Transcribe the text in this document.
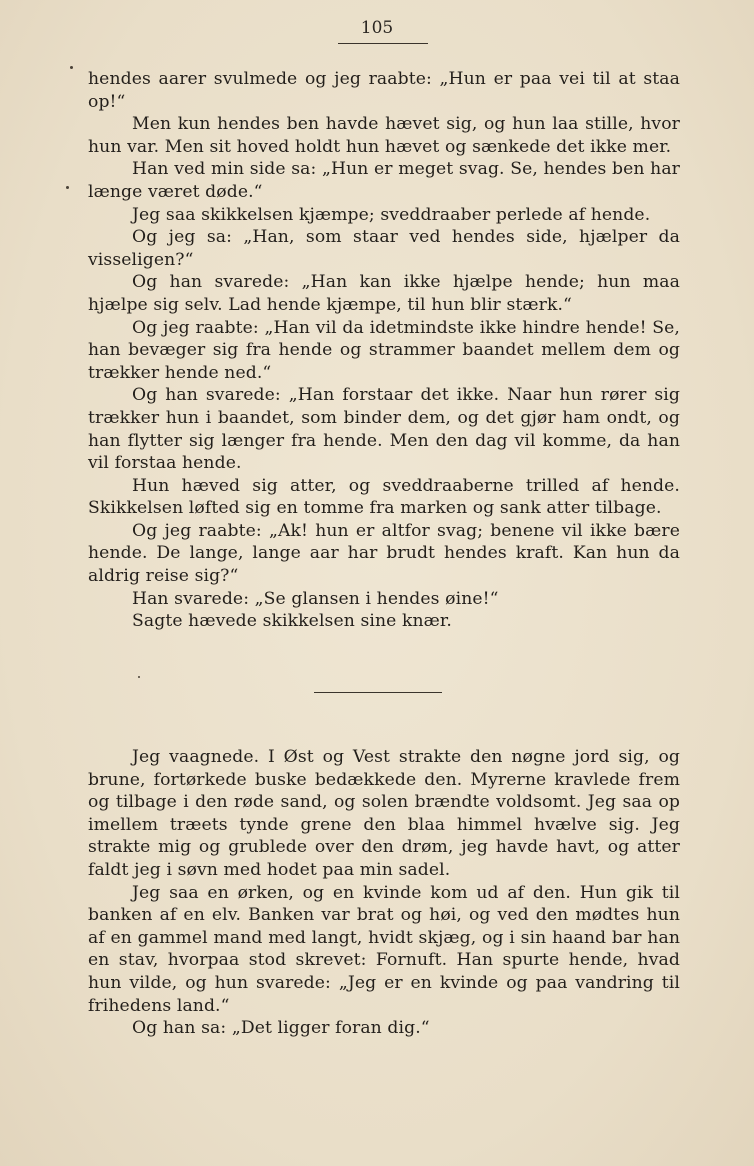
105

hendes aarer svulmede og jeg raabte: „Hun er paa vei til at staa op!“

Men kun hendes ben havde hævet sig, og hun laa stille, hvor hun var. Men sit hoved holdt hun hævet og sænkede det ikke mer.

Han ved min side sa: „Hun er meget svag. Se, hendes ben har længe været døde.“

Jeg saa skikkelsen kjæmpe; sveddraaber perlede af hende.

Og jeg sa: „Han, som staar ved hendes side, hjælper da visseligen?“

Og han svarede: „Han kan ikke hjælpe hende; hun maa hjælpe sig selv. Lad hende kjæmpe, til hun blir stærk.“

Og jeg raabte: „Han vil da idetmindste ikke hindre hende! Se, han bevæger sig fra hende og strammer baandet mellem dem og trækker hende ned.“

Og han svarede: „Han forstaar det ikke. Naar hun rører sig trækker hun i baandet, som binder dem, og det gjør ham ondt, og han flytter sig længer fra hende. Men den dag vil komme, da han vil forstaa hende.

Hun hæved sig atter, og sveddraaberne trilled af hende. Skikkelsen løfted sig en tomme fra marken og sank atter tilbage.

Og jeg raabte: „Ak! hun er altfor svag; benene vil ikke bære hende. De lange, lange aar har brudt hendes kraft. Kan hun da aldrig reise sig?“

Han svarede: „Se glansen i hendes øine!“

Sagte hævede skikkelsen sine knær.

Jeg vaagnede. I Øst og Vest strakte den nøgne jord sig, og brune, fortørkede buske bedækkede den. Myrerne kravlede frem og tilbage i den røde sand, og solen brændte voldsomt. Jeg saa op imellem træets tynde grene den blaa himmel hvælve sig. Jeg strakte mig og grublede over den drøm, jeg havde havt, og atter faldt jeg i søvn med hodet paa min sadel.

Jeg saa en ørken, og en kvinde kom ud af den. Hun gik til banken af en elv. Banken var brat og høi, og ved den mødtes hun af en gammel mand med langt, hvidt skjæg, og i sin haand bar han en stav, hvorpaa stod skrevet: Fornuft. Han spurte hende, hvad hun vilde, og hun svarede: „Jeg er en kvinde og paa vandring til frihedens land.“

Og han sa: „Det ligger foran dig.“
